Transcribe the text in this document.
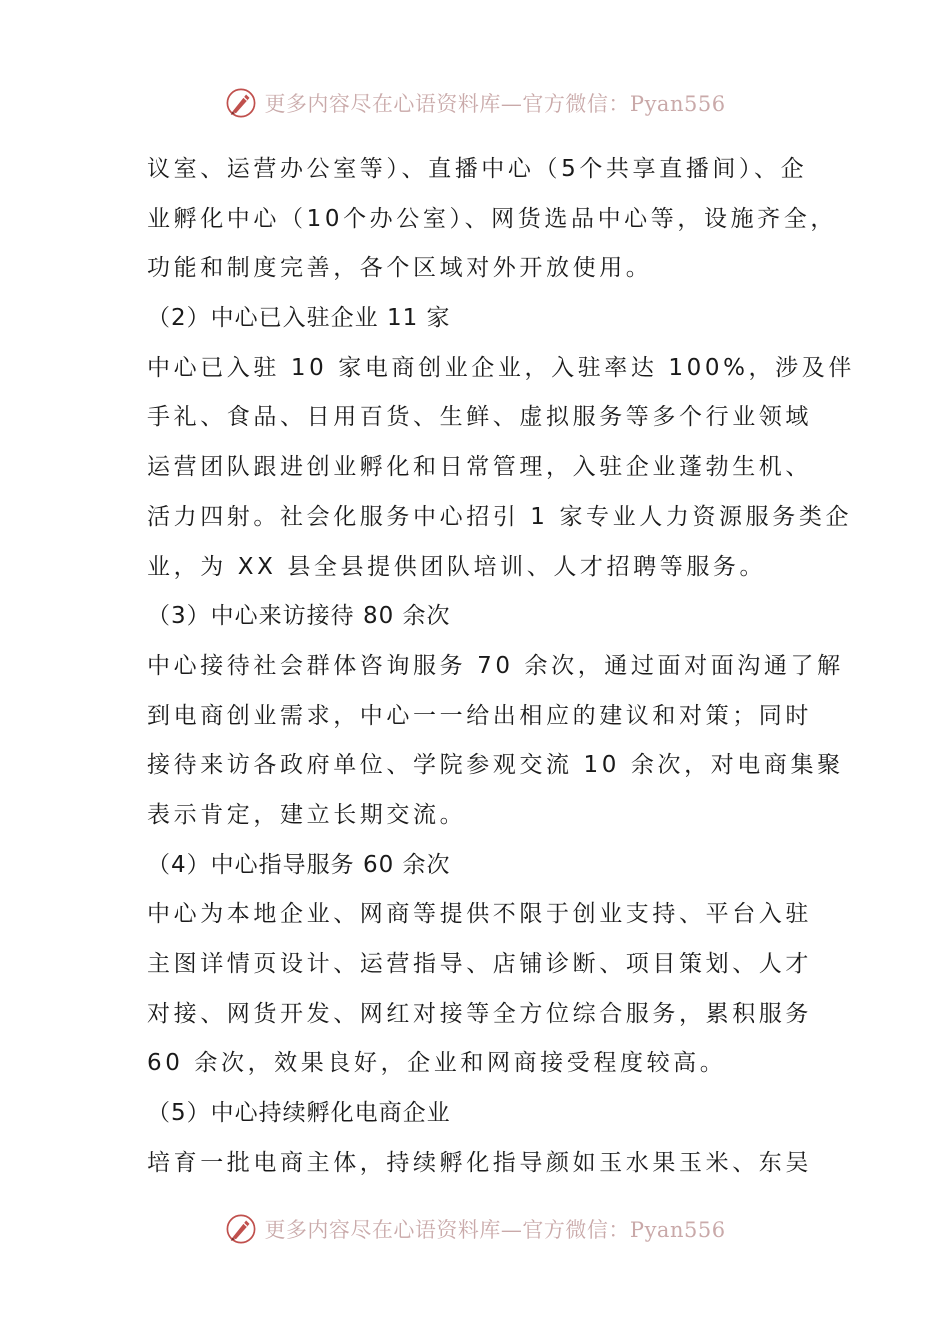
更多内容尽在心语资料库—官方微信：Pyan556
议室、运营办公室等）、直播中心（5个共享直播间）、企
业孵化中心（10个办公室）、网货选品中心等，设施齐全，
功能和制度完善，各个区域对外开放使用。
（2）中心已入驻企业 11 家
中心已入驻 10 家电商创业企业，入驻率达 100%，涉及伴
手礼、食品、日用百货、生鲜、虚拟服务等多个行业领域
运营团队跟进创业孵化和日常管理，入驻企业蓬勃生机、
活力四射。社会化服务中心招引 1 家专业人力资源服务类企
业，为 XX 县全县提供团队培训、人才招聘等服务。
（3）中心来访接待 80 余次
中心接待社会群体咨询服务 70 余次，通过面对面沟通了解
到电商创业需求，中心一一给出相应的建议和对策；同时
接待来访各政府单位、学院参观交流 10 余次，对电商集聚
表示肯定，建立长期交流。
（4）中心指导服务 60 余次
中心为本地企业、网商等提供不限于创业支持、平台入驻
主图详情页设计、运营指导、店铺诊断、项目策划、人才
对接、网货开发、网红对接等全方位综合服务，累积服务
60 余次，效果良好，企业和网商接受程度较高。
（5）中心持续孵化电商企业
培育一批电商主体，持续孵化指导颜如玉水果玉米、东吴
更多内容尽在心语资料库—官方微信：Pyan556
